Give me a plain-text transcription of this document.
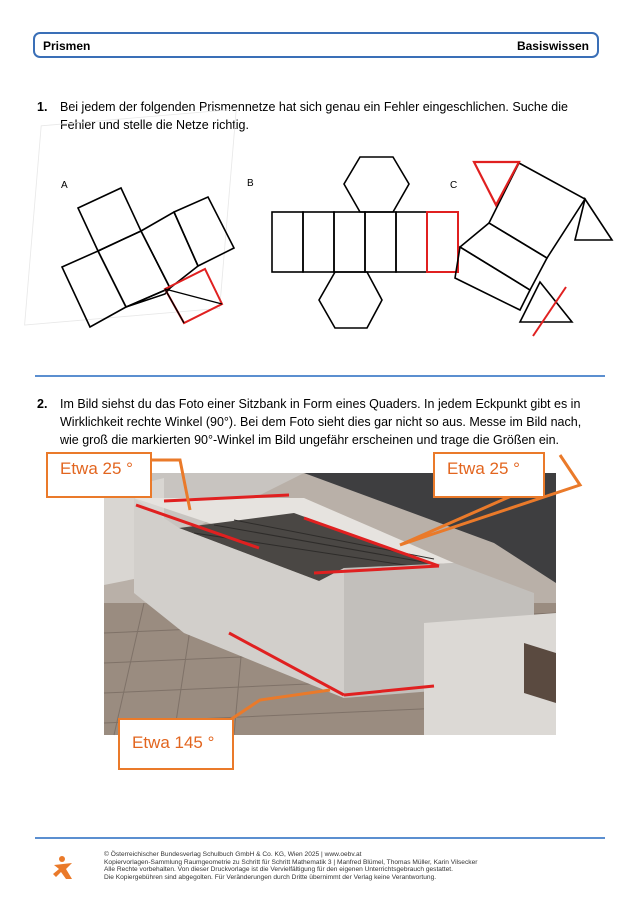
Prismen	Basiswissen
1. Bei jedem der folgenden Prismennetze hat sich genau ein Fehler eingeschlichen. Suche die
Fehler und stelle die Netze richtig.
A	B	C
2. Im Bild siehst du das Foto einer Sitzbank in Form eines Quaders. In jedem Eckpunkt gibt es in
Wirklichkeit rechte Winkel (90°). Bei dem Foto sieht dies gar nicht so aus. Messe im Bild nach,
wie groß die markierten 90°-Winkel im Bild ungefähr erscheinen und trage die Größen ein.
Etwa 25 °	Etwa 25 °
Etwa 145 °
© Österreichischer Bundesverlag Schulbuch GmbH & Co. KG, Wien 2025 | www.oebv.at
Kopiervorlagen-Sammlung Raumgeometrie zu Schritt für Schritt Mathematik 3 | Manfred Blümel, Thomas Müller, Karin Vilsecker
Alle Rechte vorbehalten. Von dieser Druckvorlage ist die Vervielfältigung für den eigenen Unterrichtsgebrauch gestattet.
Die Kopiergebühren sind abgegolten. Für Veränderungen durch Dritte übernimmt der Verlag keine Verantwortung.
